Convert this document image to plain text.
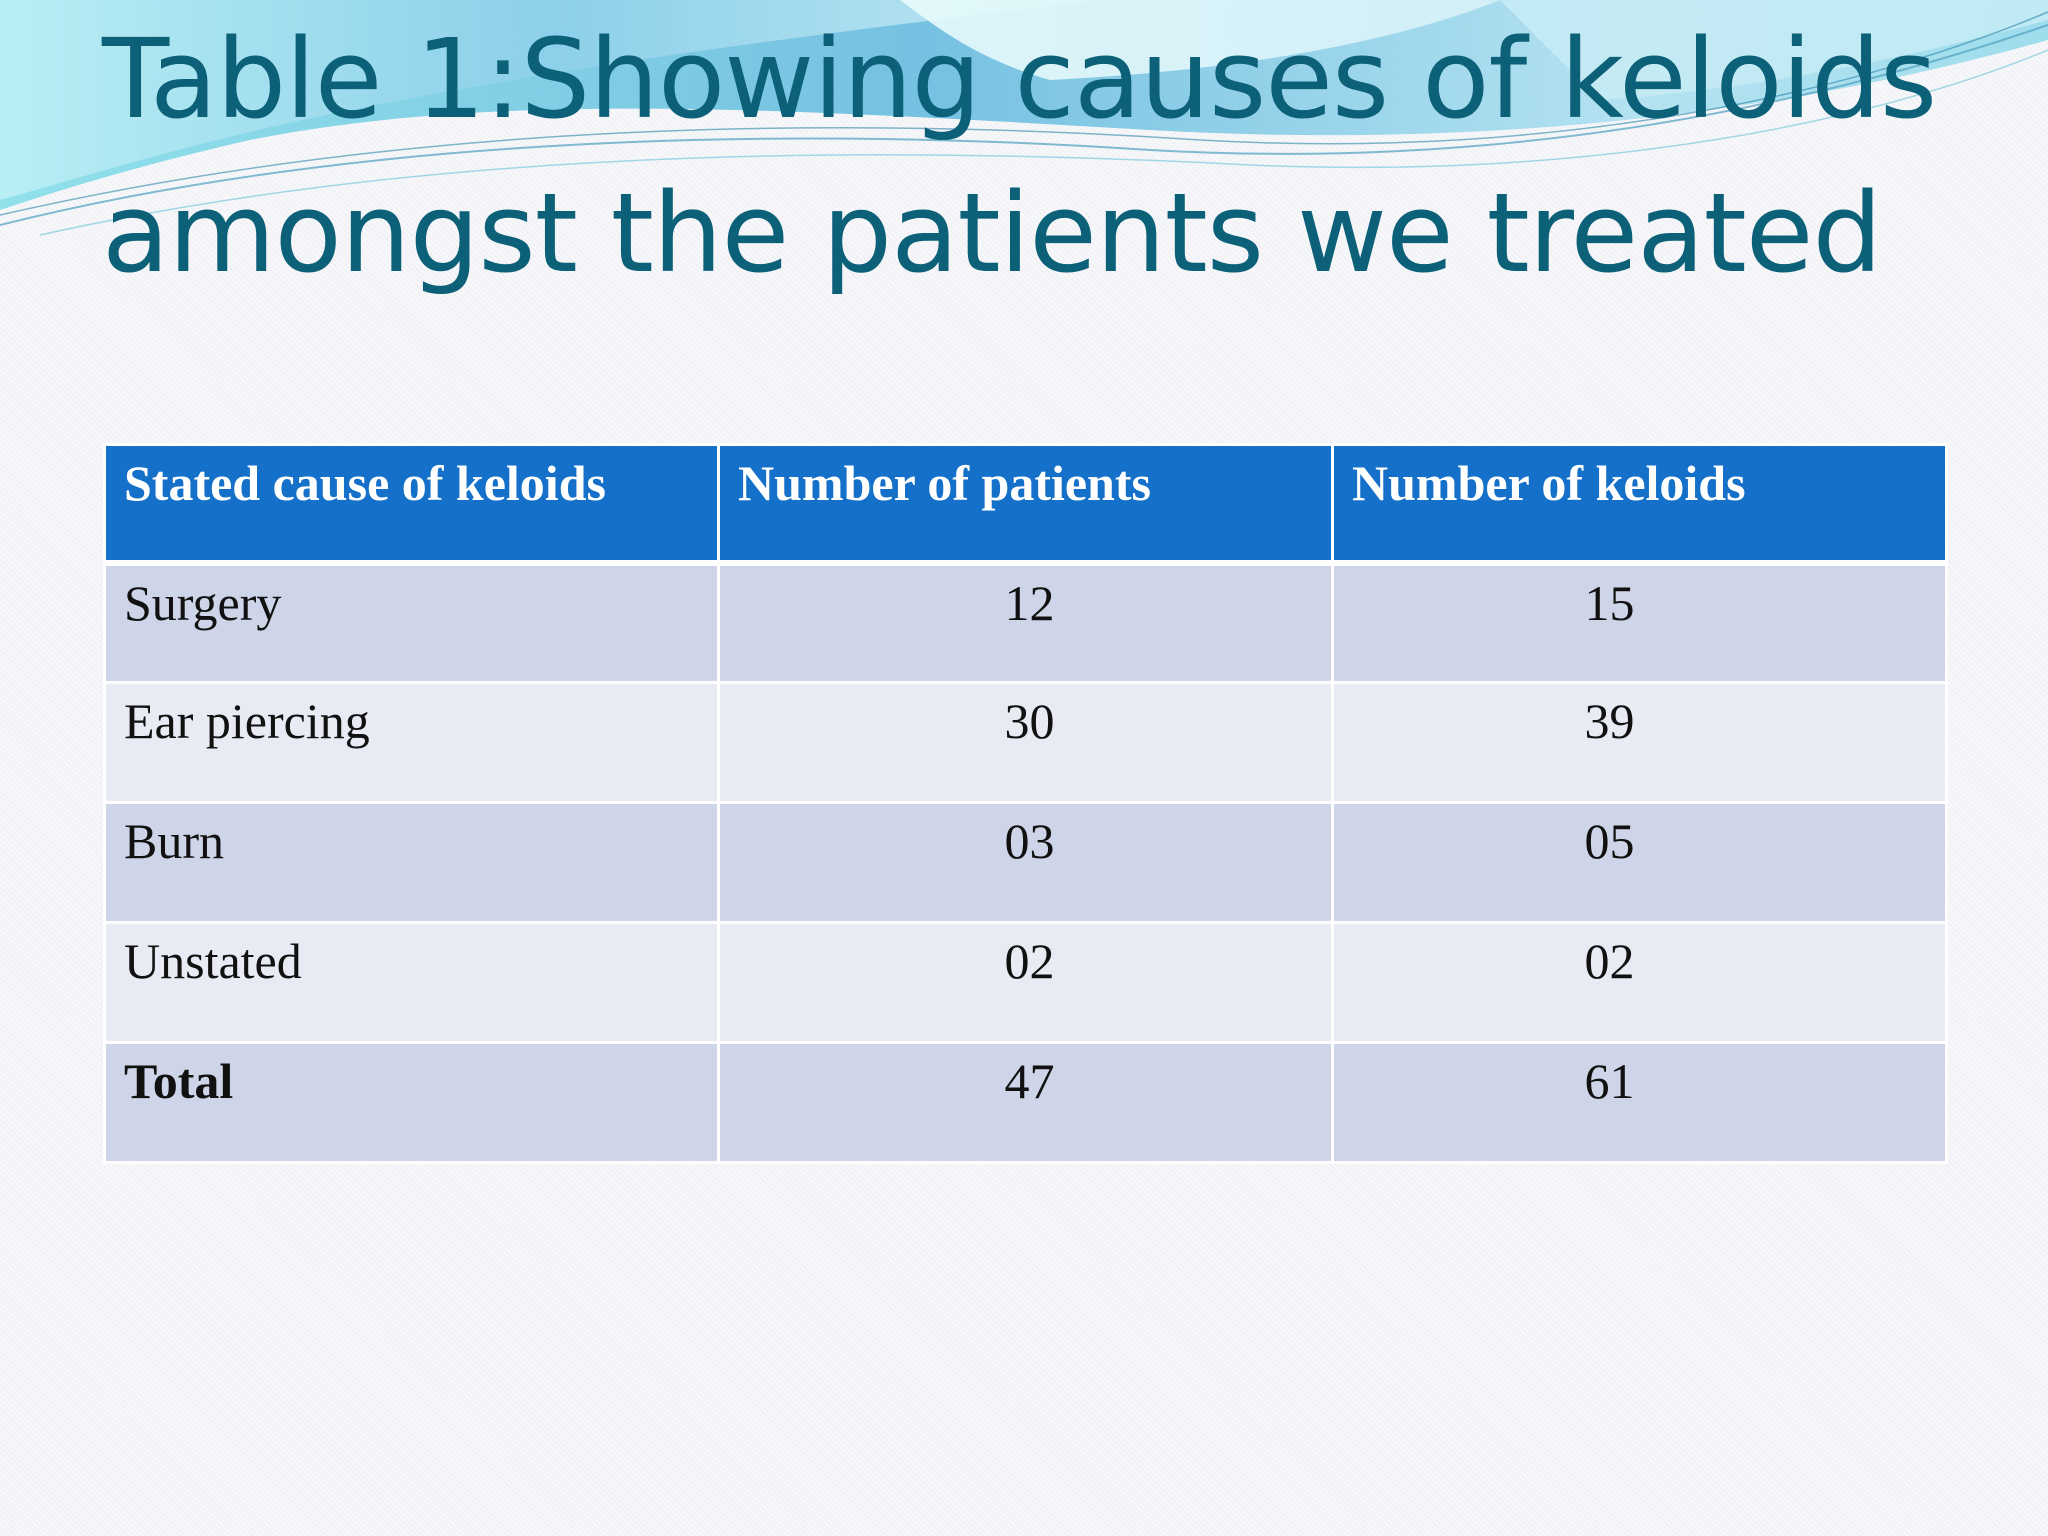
Table 1:Showing causes of keloids
amongst the patients we treated
Stated cause of keloids	Number of patients	Number of keloids
Surgery	12	15
Ear piercing	30	39
Burn	03	05
Unstated	02	02
Total	47	61
